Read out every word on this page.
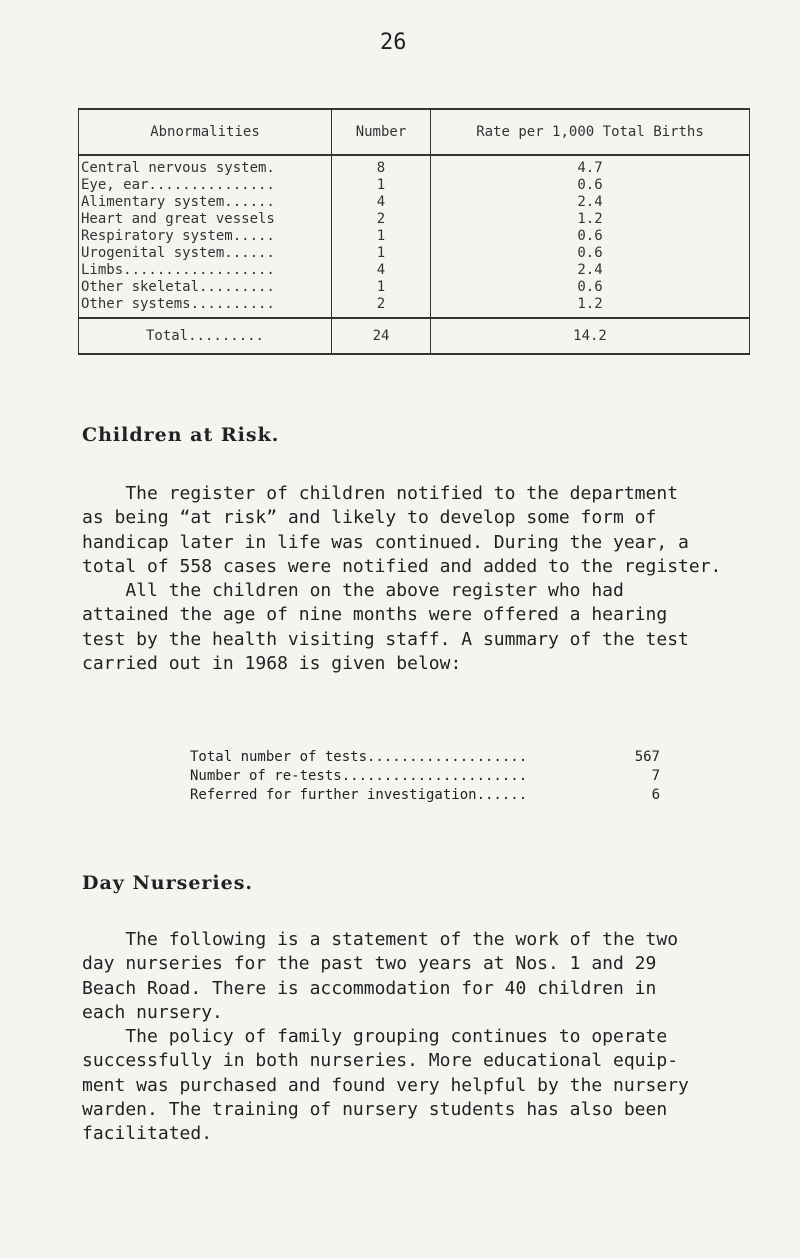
26
Abnormalities	Number	Rate per 1,000 Total Births
Central nervous system.	8	4.7
Eye, ear...............	1	0.6
Alimentary system......	4	2.4
Heart and great vessels	2	1.2
Respiratory system.....	1	0.6
Urogenital system......	1	0.6
Limbs..................	4	2.4
Other skeletal.........	1	0.6
Other systems..........	2	1.2
Total.........	24	14.2
Children at Risk.

The register of children notified to the department
as being “at risk” and likely to develop some form of
handicap later in life was continued. During the year, a
total of 558 cases were notified and added to the register.
All the children on the above register who had
attained the age of nine months were offered a hearing
test by the health visiting staff. A summary of the test
carried out in 1968 is given below:

Total number of tests...................	567
Number of re-tests......................	7
Referred for further investigation......	6
Day Nurseries.

The following is a statement of the work of the two
day nurseries for the past two years at Nos. 1 and 29
Beach Road. There is accommodation for 40 children in
each nursery.
The policy of family grouping continues to operate
successfully in both nurseries. More educational equip-
ment was purchased and found very helpful by the nursery
warden. The training of nursery students has also been
facilitated.
